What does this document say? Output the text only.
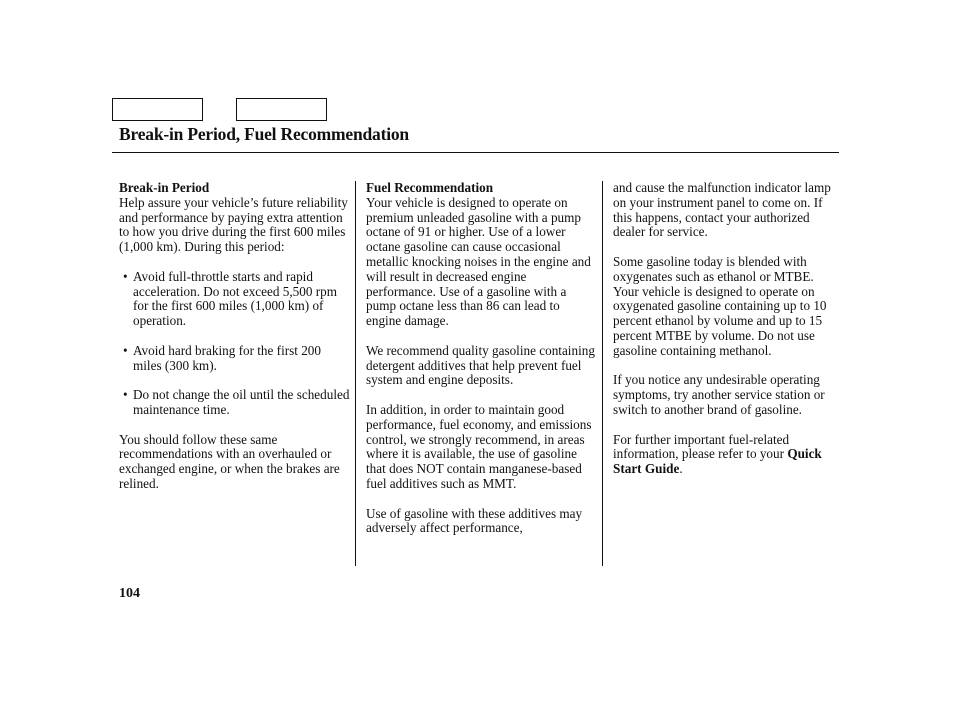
Break-in Period, Fuel Recommendation

Break-in Period
Help assure your vehicle’s future reliability and performance by paying extra attention to how you drive during the first 600 miles (1,000 km). During this period:

• Avoid full-throttle starts and rapid acceleration. Do not exceed 5,500 rpm for the first 600 miles (1,000 km) of operation.
• Avoid hard braking for the first 200 miles (300 km).
• Do not change the oil until the scheduled maintenance time.

You should follow these same recommendations with an overhauled or exchanged engine, or when the brakes are relined.

Fuel Recommendation
Your vehicle is designed to operate on premium unleaded gasoline with a pump octane of 91 or higher. Use of a lower octane gasoline can cause occasional metallic knocking noises in the engine and will result in decreased engine performance. Use of a gasoline with a pump octane less than 86 can lead to engine damage.

We recommend quality gasoline containing detergent additives that help prevent fuel system and engine deposits.

In addition, in order to maintain good performance, fuel economy, and emissions control, we strongly recommend, in areas where it is available, the use of gasoline that does NOT contain manganese-based fuel additives such as MMT.

Use of gasoline with these additives may adversely affect performance,

and cause the malfunction indicator lamp on your instrument panel to come on. If this happens, contact your authorized dealer for service.

Some gasoline today is blended with oxygenates such as ethanol or MTBE. Your vehicle is designed to operate on oxygenated gasoline containing up to 10 percent ethanol by volume and up to 15 percent MTBE by volume. Do not use gasoline containing methanol.

If you notice any undesirable operating symptoms, try another service station or switch to another brand of gasoline.

For further important fuel-related information, please refer to your Quick Start Guide.

104
